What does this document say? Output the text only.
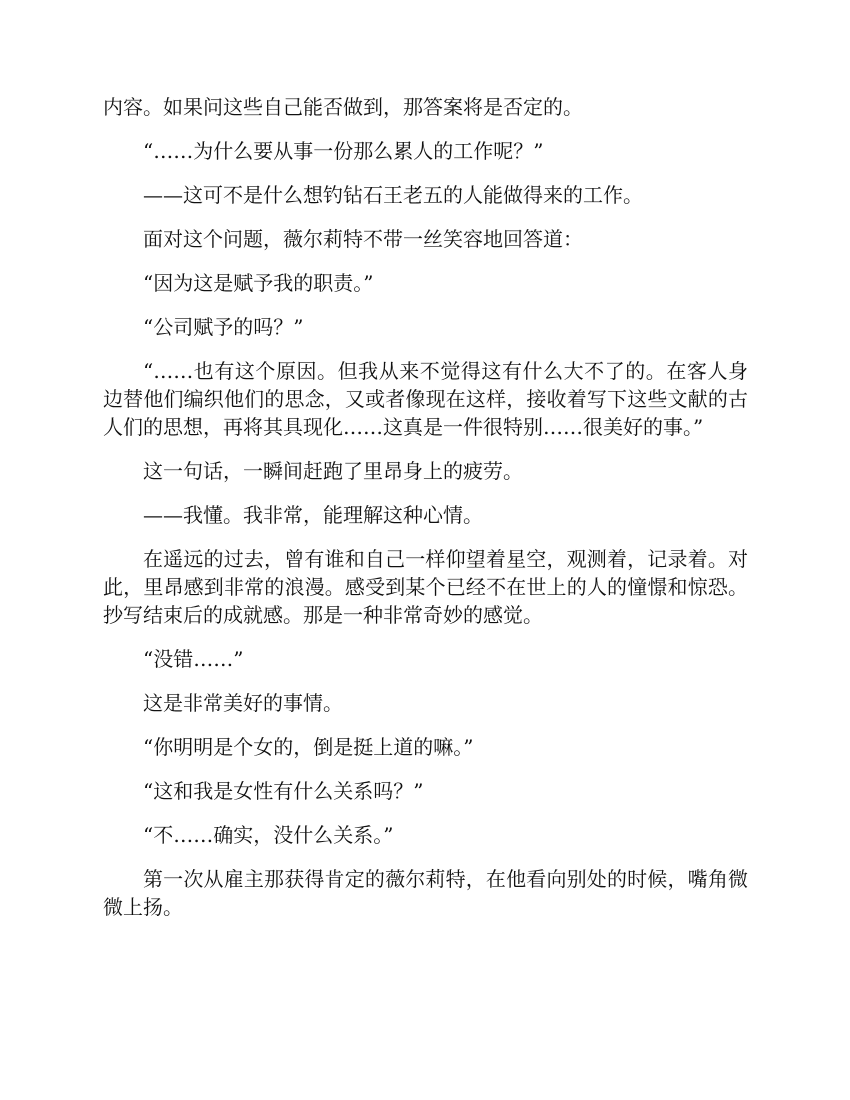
内容。如果问这些自己能否做到，那答案将是否定的。

“……为什么要从事一份那么累人的工作呢？”

——这可不是什么想钓钻石王老五的人能做得来的工作。

面对这个问题，薇尔莉特不带一丝笑容地回答道：

“因为这是赋予我的职责。”

“公司赋予的吗？”

“……也有这个原因。但我从来不觉得这有什么大不了的。在客人身边替他们编织他们的思念，又或者像现在这样，接收着写下这些文献的古人们的思想，再将其具现化……这真是一件很特别……很美好的事。”

这一句话，一瞬间赶跑了里昂身上的疲劳。

——我懂。我非常，能理解这种心情。

在遥远的过去，曾有谁和自己一样仰望着星空，观测着，记录着。对此，里昂感到非常的浪漫。感受到某个已经不在世上的人的憧憬和惊恐。抄写结束后的成就感。那是一种非常奇妙的感觉。

“没错……”

这是非常美好的事情。

“你明明是个女的，倒是挺上道的嘛。”

“这和我是女性有什么关系吗？”

“不……确实，没什么关系。”

第一次从雇主那获得肯定的薇尔莉特，在他看向别处的时候，嘴角微微上扬。
